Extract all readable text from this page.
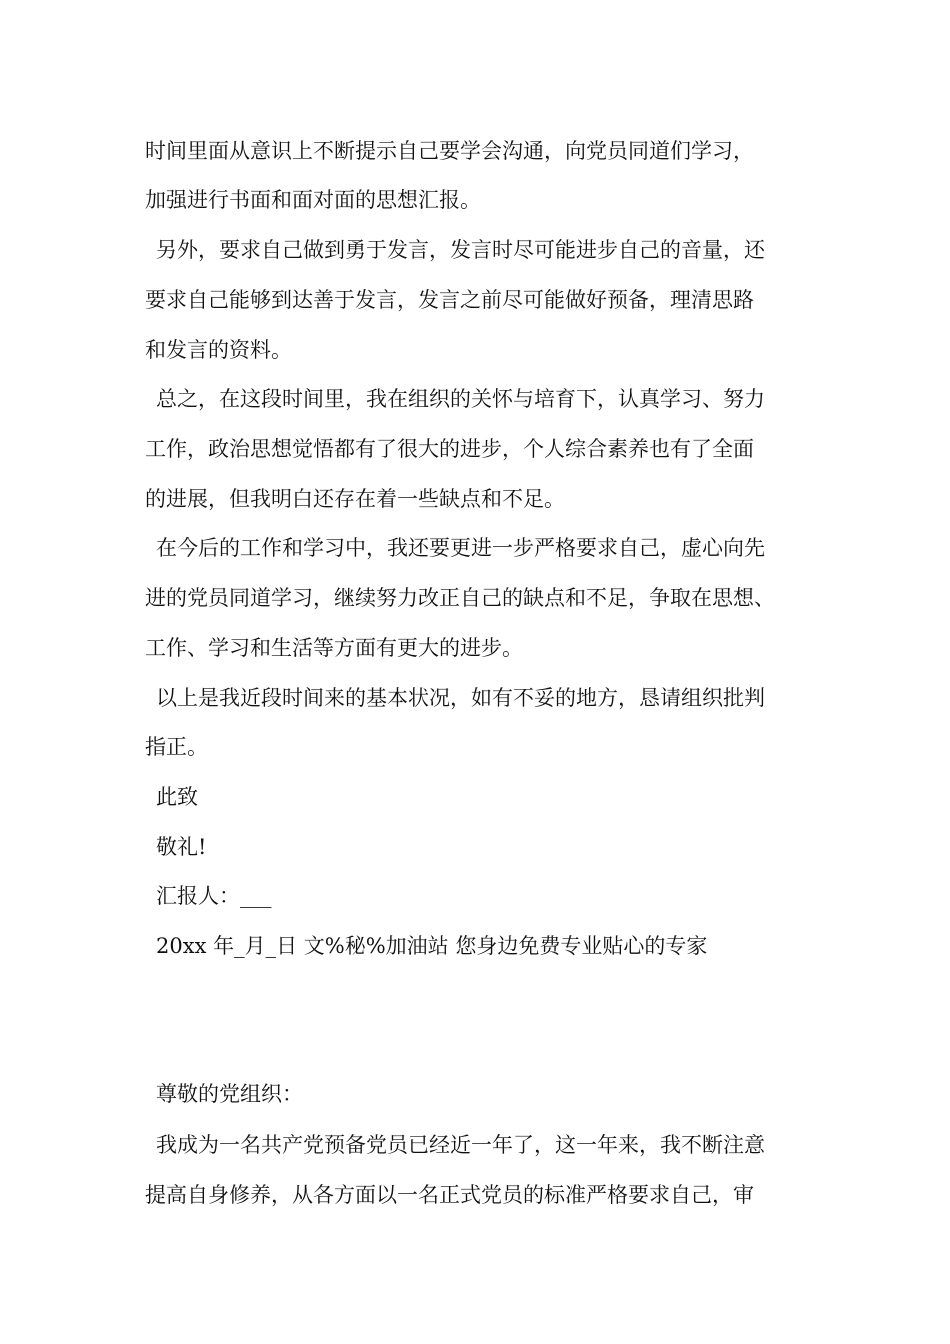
时间里面从意识上不断提示自己要学会沟通，向党员同道们学习，

加强进行书面和面对面的思想汇报。

另外，要求自己做到勇于发言，发言时尽可能进步自己的音量，还

要求自己能够到达善于发言，发言之前尽可能做好预备，理清思路

和发言的资料。

总之，在这段时间里，我在组织的关怀与培育下，认真学习、努力

工作，政治思想觉悟都有了很大的进步，个人综合素养也有了全面

的进展，但我明白还存在着一些缺点和不足。

在今后的工作和学习中，我还要更进一步严格要求自己，虚心向先

进的党员同道学习，继续努力改正自己的缺点和不足，争取在思想、

工作、学习和生活等方面有更大的进步。

以上是我近段时间来的基本状况，如有不妥的地方，恳请组织批判

指正。

此致

敬礼!

汇报人：___

20xx 年_月_日 文%秘%加油站 您身边免费专业贴心的专家

尊敬的党组织：

我成为一名共产党预备党员已经近一年了，这一年来，我不断注意

提高自身修养，从各方面以一名正式党员的标准严格要求自己，审
